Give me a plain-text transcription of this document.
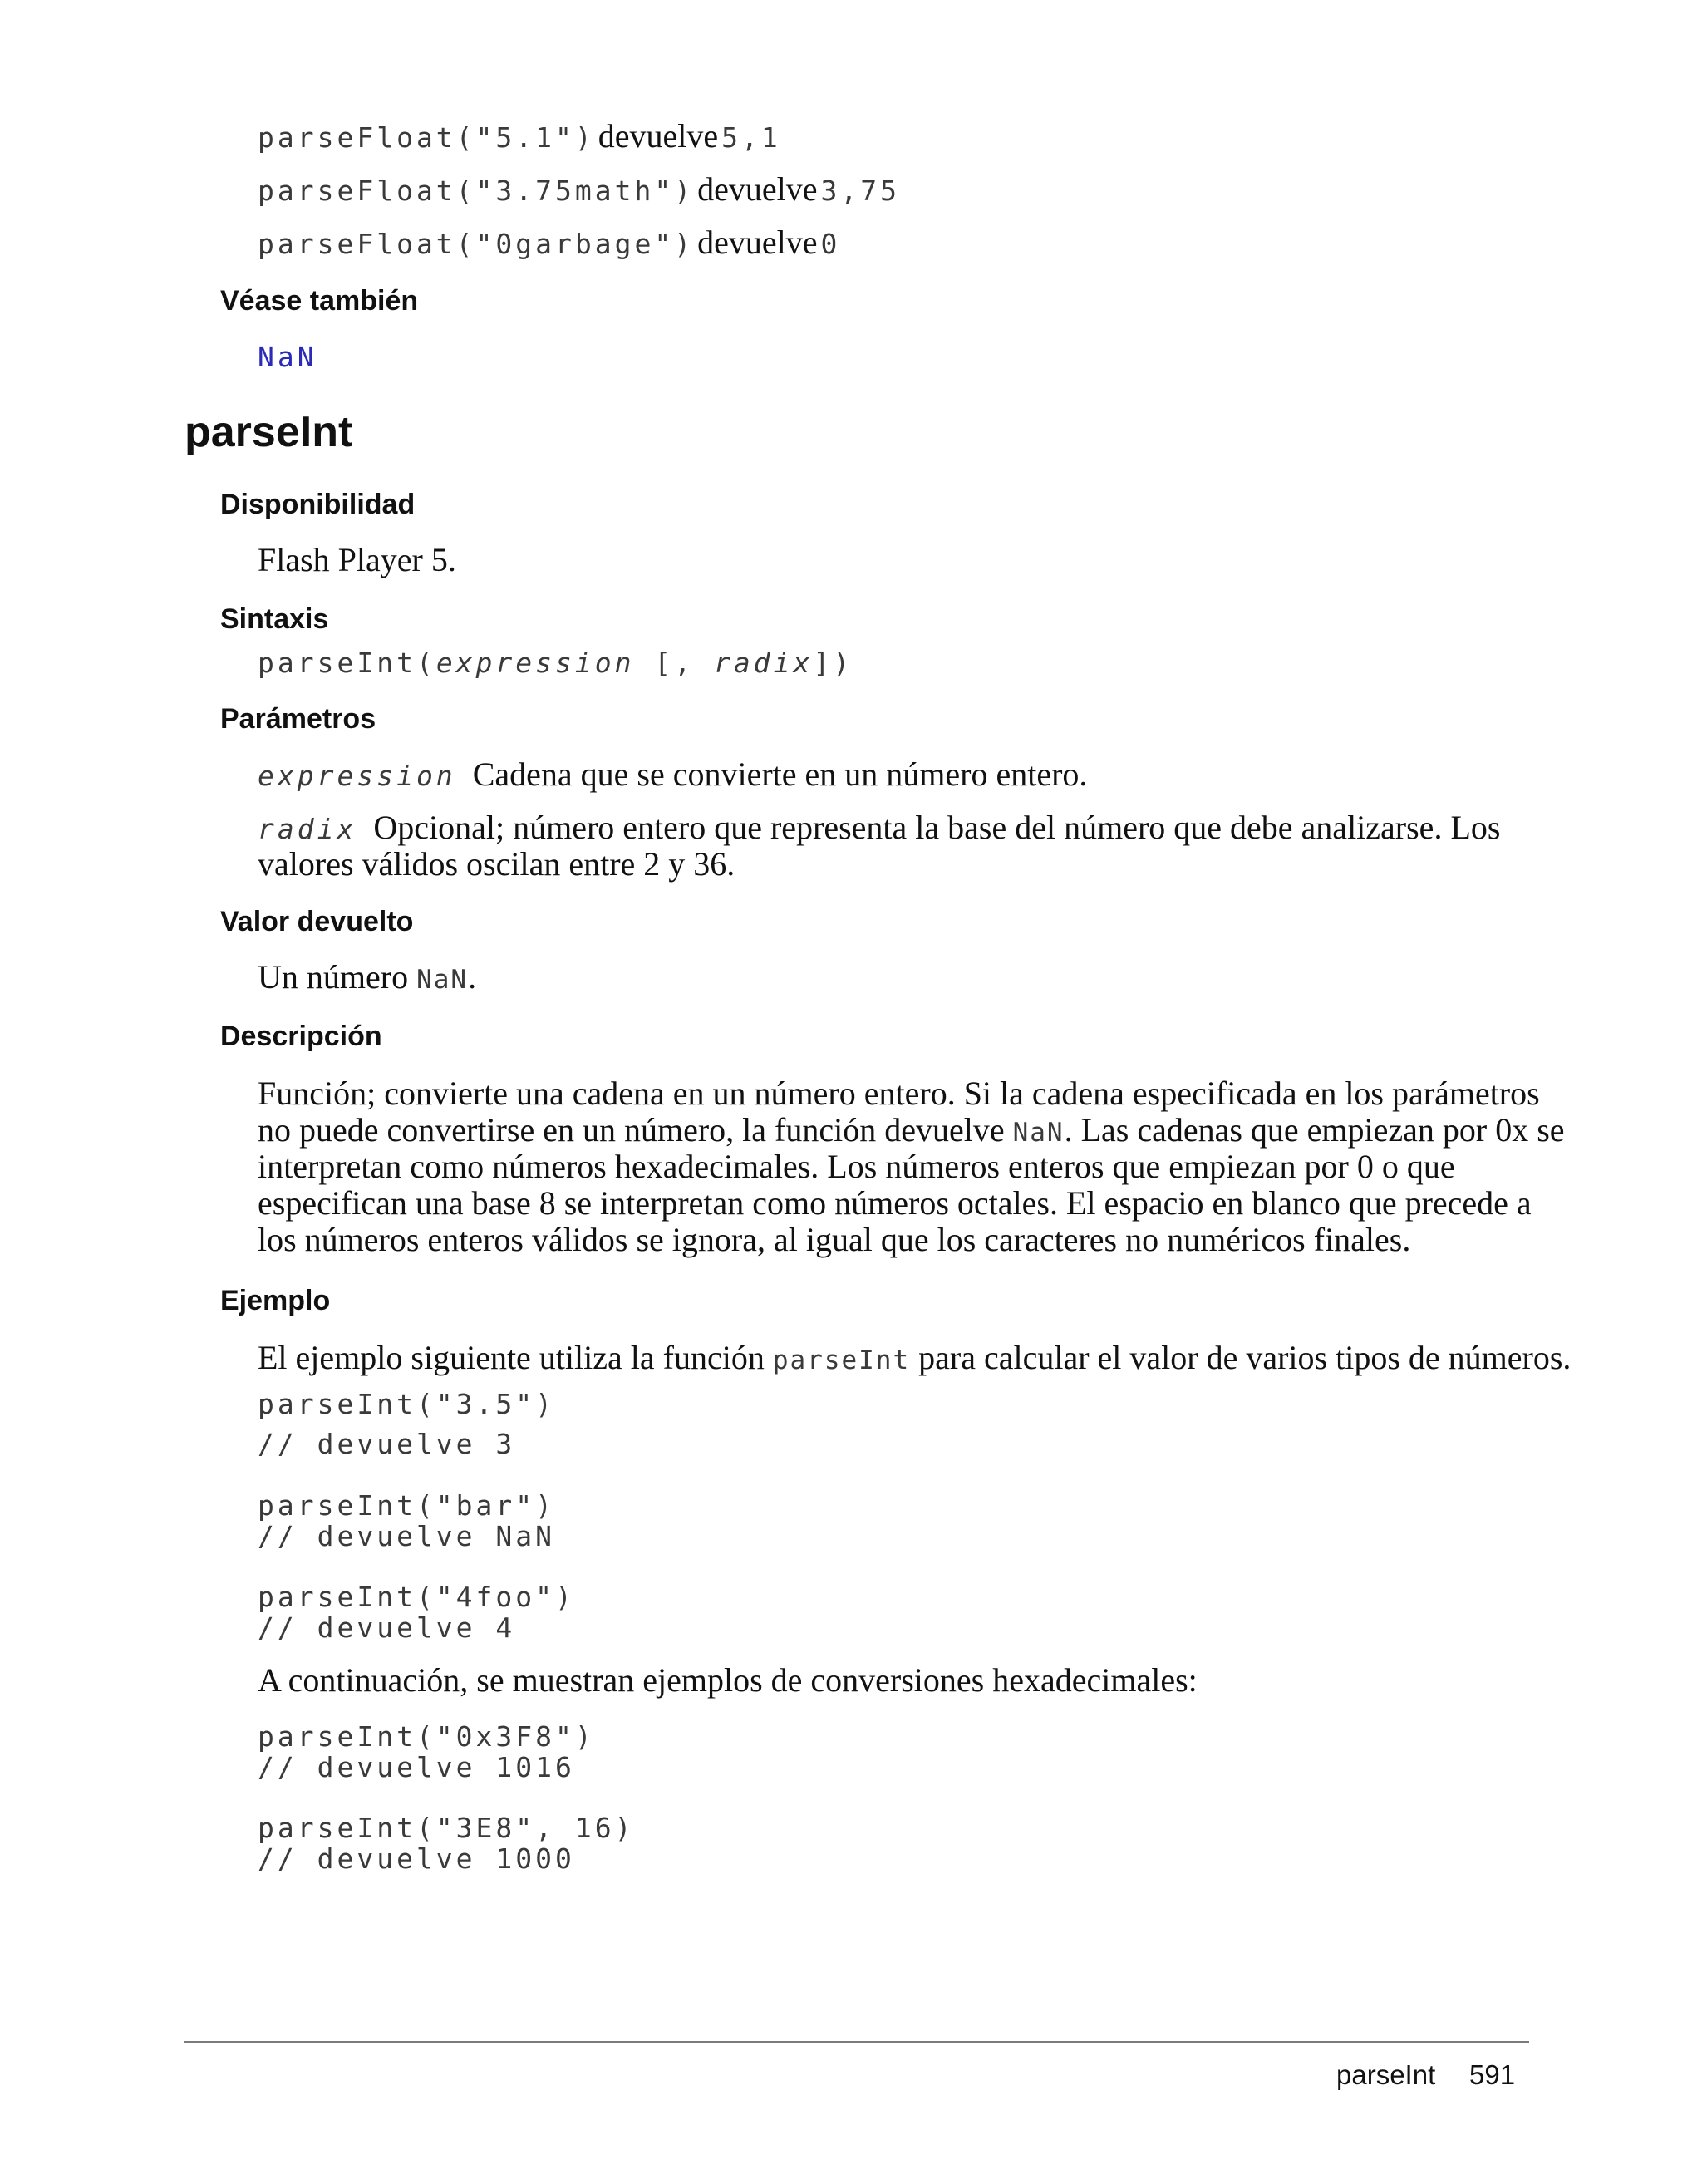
parseFloat("5.1") devuelve 5,1
parseFloat("3.75math") devuelve 3,75
parseFloat("0garbage") devuelve 0
Véase también
NaN
parseInt
Disponibilidad
Flash Player 5.
Sintaxis
parseInt(expression [, radix])
Parámetros
expression Cadena que se convierte en un número entero.
radix Opcional; número entero que representa la base del número que debe analizarse. Los
valores válidos oscilan entre 2 y 36.
Valor devuelto
Un número NaN.
Descripción
Función; convierte una cadena en un número entero. Si la cadena especificada en los parámetros
no puede convertirse en un número, la función devuelve NaN. Las cadenas que empiezan por 0x se
interpretan como números hexadecimales. Los números enteros que empiezan por 0 o que
especifican una base 8 se interpretan como números octales. El espacio en blanco que precede a
los números enteros válidos se ignora, al igual que los caracteres no numéricos finales.
Ejemplo
El ejemplo siguiente utiliza la función parseInt para calcular el valor de varios tipos de números.
parseInt("3.5")
// devuelve 3
parseInt("bar")
// devuelve NaN
parseInt("4foo")
// devuelve 4
A continuación, se muestran ejemplos de conversiones hexadecimales:
parseInt("0x3F8")
// devuelve 1016
parseInt("3E8", 16)
// devuelve 1000
parseInt 591
